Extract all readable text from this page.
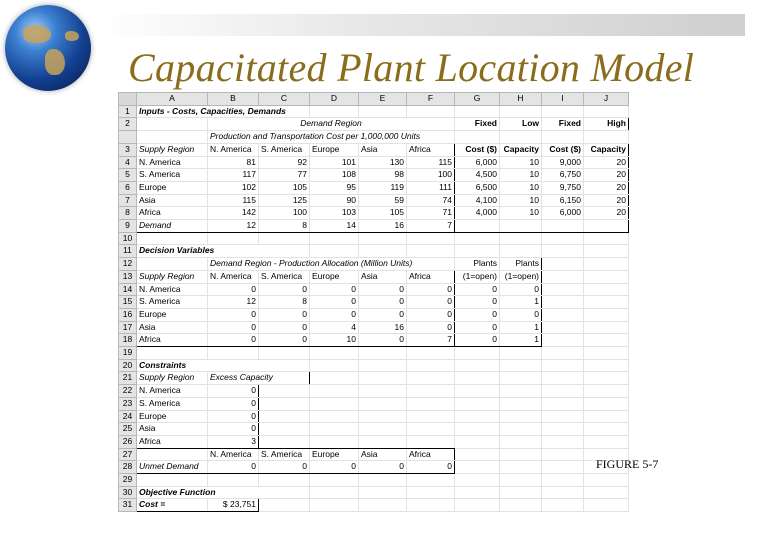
Capacitated Plant Location Model
	A	B	C	D	E	F	G	H	I	J
1	Inputs - Costs, Capacities, Demands									
2		Demand Region					Fixed	Low	Fixed	High
		Production and Transportation Cost per 1,000,000 Units								
3	Supply Region	N. America	S. America	Europe	Asia	Africa	Cost ($)	Capacity	Cost ($)	Capacity
4	N. America	81	92	101	130	115	6,000	10	9,000	20
5	S. America	117	77	108	98	100	4,500	10	6,750	20
6	Europe	102	105	95	119	111	6,500	10	9,750	20
7	Asia	115	125	90	59	74	4,100	10	6,150	20
8	Africa	142	100	103	105	71	4,000	10	6,000	20
9	Demand	12	8	14	16	7				
10										
11	Decision Variables									
12		Demand Region - Production Allocation (Million Units)					Plants	Plants		
13	Supply Region	N. America	S. America	Europe	Asia	Africa	(1=open)	(1=open)		
14	N. America	0	0	0	0	0	0	0		
15	S. America	12	8	0	0	0	0	1		
16	Europe	0	0	0	0	0	0	0		
17	Asia	0	0	4	16	0	0	1		
18	Africa	0	0	10	0	7	0	1		
19										
20	Constraints									
21	Supply Region	Excess Capacity								
22	N. America	0								
23	S. America	0								
24	Europe	0								
25	Asia	0								
26	Africa	3								
27		N. America	S. America	Europe	Asia	Africa				
28	Unmet Demand	0	0	0	0	0				
29										
30	Objective Function									
31	Cost =	$ 23,751								
FIGURE 5-7
